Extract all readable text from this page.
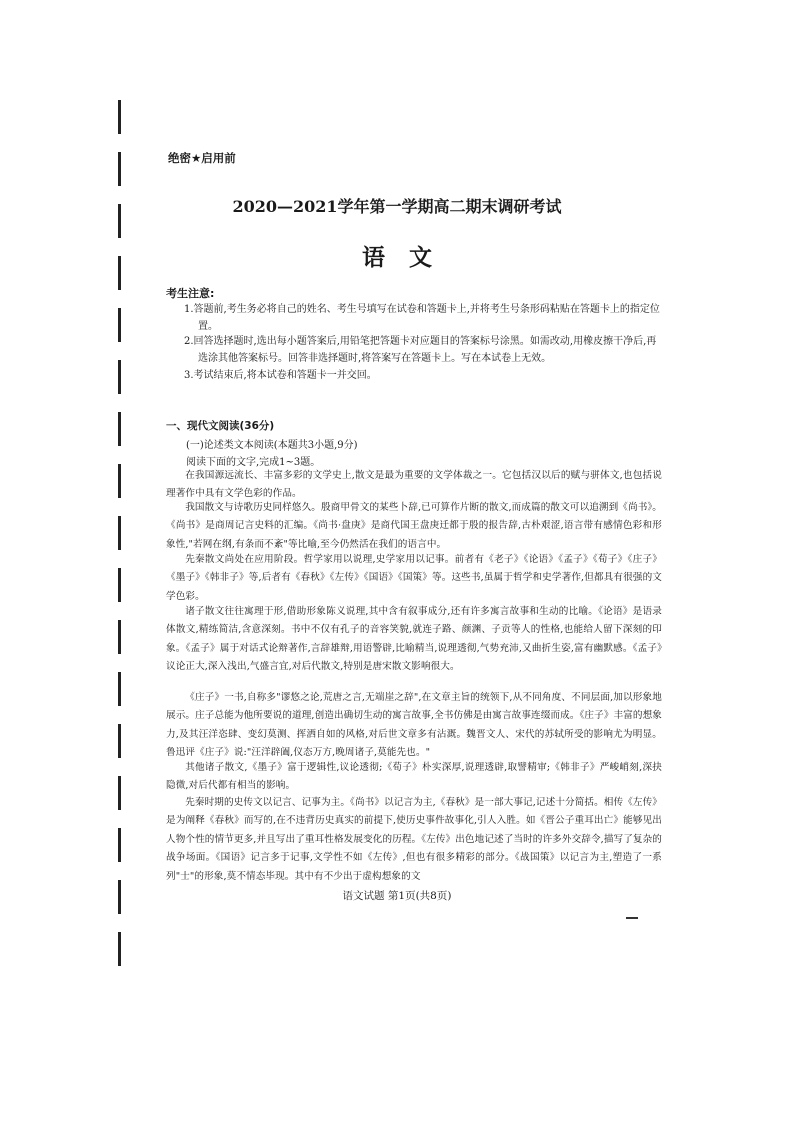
绝密★启用前
2020—2021学年第一学期高二期末调研考试
语文
考生注意:
1.答题前,考生务必将自己的姓名、考生号填写在试卷和答题卡上,并将考生号条形码粘贴在答题卡上的指定位置。
2.回答选择题时,选出每小题答案后,用铅笔把答题卡对应题目的答案标号涂黑。如需改动,用橡皮擦干净后,再选涂其他答案标号。回答非选择题时,将答案写在答题卡上。写在本试卷上无效。
3.考试结束后,将本试卷和答题卡一并交回。
一、现代文阅读(36分)
(一)论述类文本阅读(本题共3小题,9分)
阅读下面的文字,完成1~3题。
在我国源远流长、丰富多彩的文学史上,散文是最为重要的文学体裁之一。它包括汉以后的赋与骈体文,也包括说理著作中具有文学色彩的作品。
我国散文与诗歌历史同样悠久。殷商甲骨文的某些卜辞,已可算作片断的散文,而成篇的散文可以追溯到《尚书》。《尚书》是商周记言史料的汇编。《尚书·盘庚》是商代国王盘庚迁都于殷的报告辞,古朴艰涩,语言带有感情色彩和形象性,"若网在纲,有条而不紊"等比喻,至今仍然活在我们的语言中。
先秦散文尚处在应用阶段。哲学家用以说理,史学家用以记事。前者有《老子》《论语》《孟子》《荀子》《庄子》《墨子》《韩非子》等,后者有《春秋》《左传》《国语》《国策》等。这些书,虽属于哲学和史学著作,但都具有很强的文学色彩。
诸子散文往往寓理于形,借助形象陈义说理,其中含有叙事成分,还有许多寓言故事和生动的比喻。《论语》是语录体散文,精练简洁,含意深刻。书中不仅有孔子的音容笑貌,就连子路、颜渊、子贡等人的性格,也能给人留下深刻的印象。《孟子》属于对话式论辩著作,言辞雄辩,用语警辟,比喻精当,说理透彻,气势充沛,又曲折生姿,富有幽默感。《孟子》议论正大,深入浅出,气盛言宜,对后代散文,特别是唐宋散文影响很大。
《庄子》一书,自称多"谬悠之论,荒唐之言,无端崖之辞",在文章主旨的统领下,从不同角度、不同层面,加以形象地展示。庄子总能为他所要说的道理,创造出确切生动的寓言故事,全书仿佛是由寓言故事连缀而成。《庄子》丰富的想象力,及其汪洋恣肆、变幻莫测、挥洒自如的风格,对后世文章多有沾溉。魏晋文人、宋代的苏轼所受的影响尤为明显。鲁迅评《庄子》说:"汪洋辟阖,仪态万方,晚周诸子,莫能先也。"
其他诸子散文,《墨子》富于逻辑性,议论透彻;《荀子》朴实深厚,说理透辟,取譬精审;《韩非子》严峻峭刻,深抉隐微,对后代都有相当的影响。
先秦时期的史传文以记言、记事为主。《尚书》以记言为主,《春秋》是一部大事记,记述十分简括。相传《左传》是为阐释《春秋》而写的,在不违背历史真实的前提下,使历史事件故事化,引人入胜。如《晋公子重耳出亡》能够见出人物个性的情节更多,并且写出了重耳性格发展变化的历程。《左传》出色地记述了当时的许多外交辞令,描写了复杂的战争场面。《国语》记言多于记事,文学性不如《左传》,但也有很多精彩的部分。《战国策》以记言为主,塑造了一系列"士"的形象,莫不情态毕现。其中有不少出于虚构想象的文
语文试题 第1页(共8页)
